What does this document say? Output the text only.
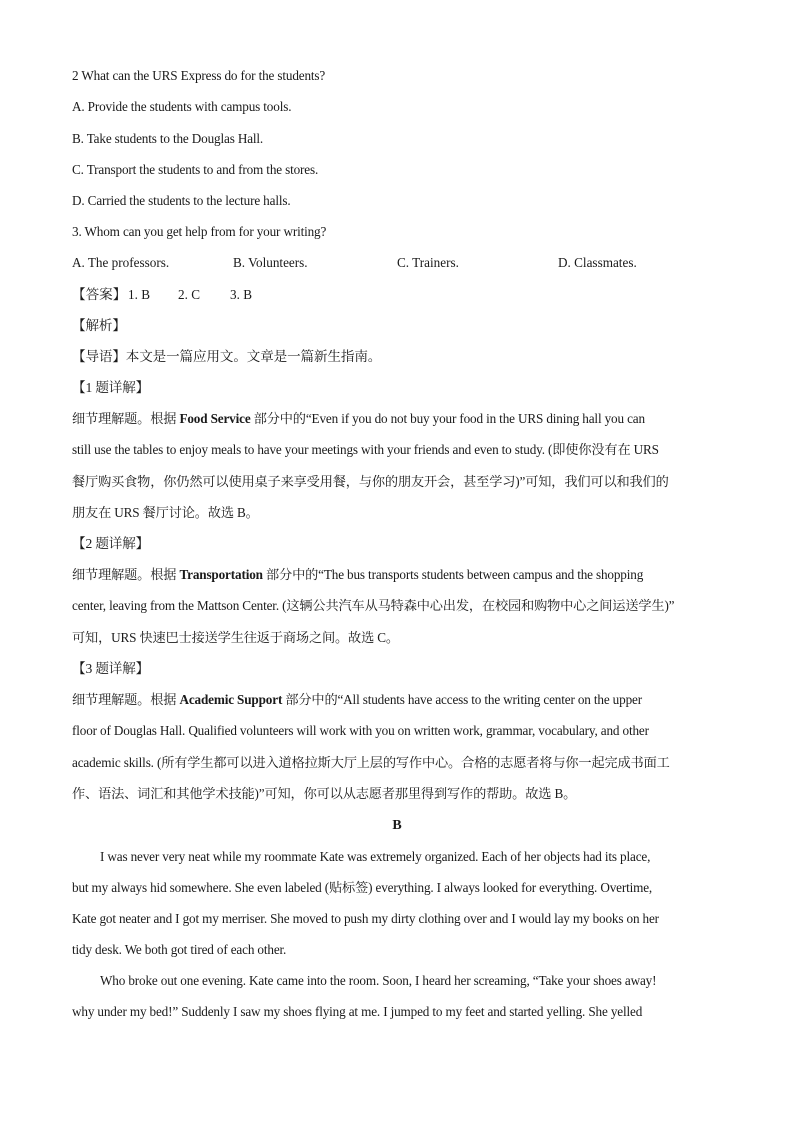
2 What can the URS Express do for the students?
A. Provide the students with campus tools.
B. Take students to the Douglas Hall.
C. Transport the students to and from the stores.
D. Carried the students to the lecture halls.
3. Whom can you get help from for your writing?
A. The professors.	B. Volunteers.	C. Trainers.	D. Classmates.
【答案】 1. B 2. C 3. B
【解析】
【导语】本文是一篇应用文。文章是一篇新生指南。
【1 题详解】
细节理解题。根据 Food Service 部分中的“Even if you do not buy your food in the URS dining hall you can
still use the tables to enjoy meals to have your meetings with your friends and even to study. (即使你没有在 URS
餐厅购买食物，你仍然可以使用桌子来享受用餐，与你的朋友开会，甚至学习)”可知，我们可以和我们的
朋友在 URS 餐厅讨论。故选 B。
【2 题详解】
细节理解题。根据 Transportation 部分中的“The bus transports students between campus and the shopping
center, leaving from the Mattson Center. (这辆公共汽车从马特森中心出发，在校园和购物中心之间运送学生)”
可知，URS 快速巴士接送学生往返于商场之间。故选 C。
【3 题详解】
细节理解题。根据 Academic Support 部分中的“All students have access to the writing center on the upper
floor of Douglas Hall. Qualified volunteers will work with you on written work, grammar, vocabulary, and other
academic skills. (所有学生都可以进入道格拉斯大厅上层的写作中心。合格的志愿者将与你一起完成书面工
作、语法、词汇和其他学术技能)”可知，你可以从志愿者那里得到写作的帮助。故选 B。
B
I was never very neat while my roommate Kate was extremely organized. Each of her objects had its place,
but my always hid somewhere. She even labeled (贴标签) everything. I always looked for everything. Overtime,
Kate got neater and I got my merriser. She moved to push my dirty clothing over and I would lay my books on her
tidy desk. We both got tired of each other.
Who broke out one evening. Kate came into the room. Soon, I heard her screaming, “Take your shoes away!
why under my bed!” Suddenly I saw my shoes flying at me. I jumped to my feet and started yelling. She yelled
